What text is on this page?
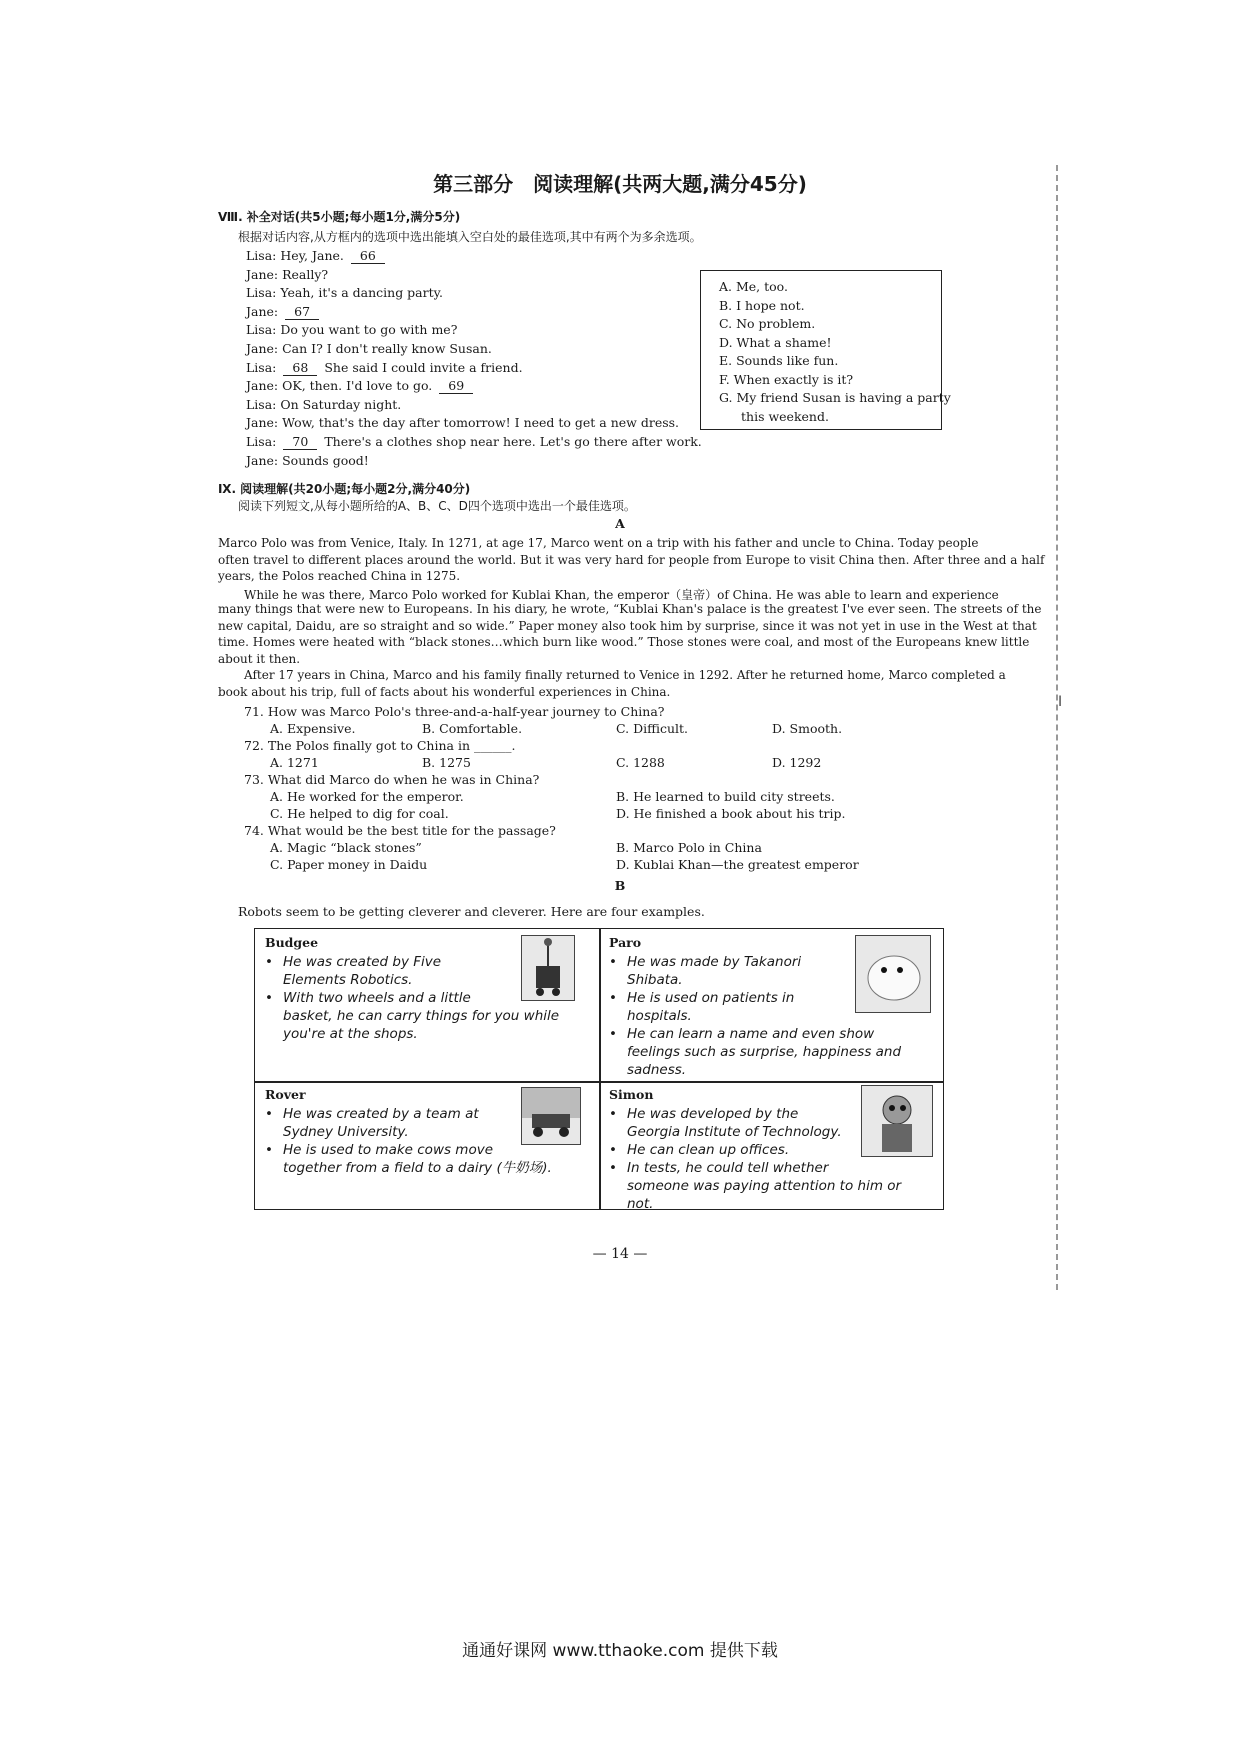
ǀ
第三部分　阅读理解(共两大题,满分45分)
Ⅷ. 补全对话(共5小题;每小题1分,满分5分)
根据对话内容,从方框内的选项中选出能填入空白处的最佳选项,其中有两个为多余选项。
Lisa: Hey, Jane. 66
Jane: Really?
Lisa: Yeah, it's a dancing party.
Jane: 67
Lisa: Do you want to go with me?
Jane: Can I? I don't really know Susan.
Lisa: 68 She said I could invite a friend.
Jane: OK, then. I'd love to go. 69
Lisa: On Saturday night.
Jane: Wow, that's the day after tomorrow! I need to get a new dress.
Lisa: 70 There's a clothes shop near here. Let's go there after work.
Jane: Sounds good!
A. Me, too.
B. I hope not.
C. No problem.
D. What a shame!
E. Sounds like fun.
F. When exactly is it?
G. My friend Susan is having a party
this weekend.
Ⅸ. 阅读理解(共20小题;每小题2分,满分40分)
阅读下列短文,从每小题所给的A、B、C、D四个选项中选出一个最佳选项。
A
Marco Polo was from Venice, Italy. In 1271, at age 17, Marco went on a trip with his father and uncle to China. Today people
often travel to different places around the world. But it was very hard for people from Europe to visit China then. After three and a half
years, the Polos reached China in 1275.
While he was there, Marco Polo worked for Kublai Khan, the emperor（皇帝）of China. He was able to learn and experience
many things that were new to Europeans. In his diary, he wrote, “Kublai Khan's palace is the greatest I've ever seen. The streets of the
new capital, Daidu, are so straight and so wide.” Paper money also took him by surprise, since it was not yet in use in the West at that
time. Homes were heated with “black stones…which burn like wood.” Those stones were coal, and most of the Europeans knew little
about it then.
After 17 years in China, Marco and his family finally returned to Venice in 1292. After he returned home, Marco completed a
book about his trip, full of facts about his wonderful experiences in China.
71. How was Marco Polo's three-and-a-half-year journey to China?
A. Expensive.	B. Comfortable.	C. Difficult.	D. Smooth.
72. The Polos finally got to China in ______.
A. 1271	B. 1275	C. 1288	D. 1292
73. What did Marco do when he was in China?
A. He worked for the emperor.	B. He learned to build city streets.
C. He helped to dig for coal.	D. He finished a book about his trip.
74. What would be the best title for the passage?
A. Magic “black stones”	B. Marco Polo in China
C. Paper money in Daidu	D. Kublai Khan—the greatest emperor
B
Robots seem to be getting cleverer and cleverer. Here are four examples.
Budgee
• He was created by Five
Elements Robotics.
• With two wheels and a little
basket, he can carry things for you while
you're at the shops.
Paro
• He was made by Takanori
Shibata.
• He is used on patients in
hospitals.
• He can learn a name and even show
feelings such as surprise, happiness and
sadness.
Rover
• He was created by a team at
Sydney University.
• He is used to make cows move
together from a field to a dairy (牛奶场).
Simon
• He was developed by the
Georgia Institute of Technology.
• He can clean up offices.
• In tests, he could tell whether
someone was paying attention to him or
not.
— 14 —
通通好课网 www.tthaoke.com 提供下载
